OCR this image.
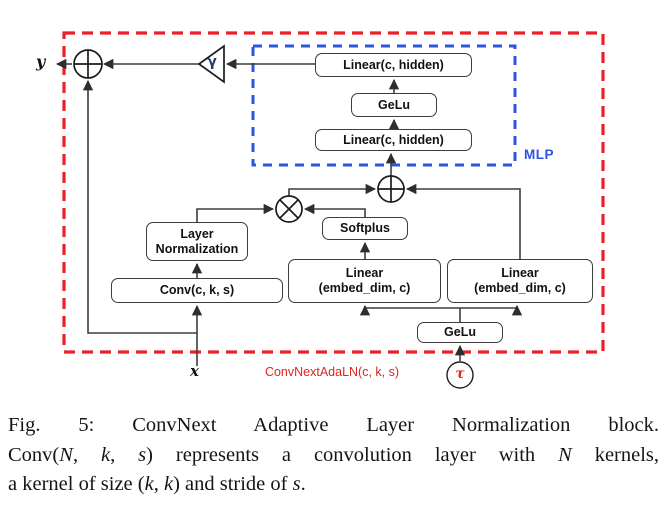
Linear(c, hidden)
GeLu
Linear(c, hidden)
Softplus
Layer
Normalization
Conv(c, k, s)
Linear
(embed_dim, c)
Linear
(embed_dim, c)
GeLu
y
x
γ
MLP
ConvNextAdaLN(c, k, s)	τ
Fig. 5: ConvNext Adaptive Layer Normalization block.
Conv(N, k, s) represents a convolution layer with N kernels,
a kernel of size (k, k) and stride of s.
